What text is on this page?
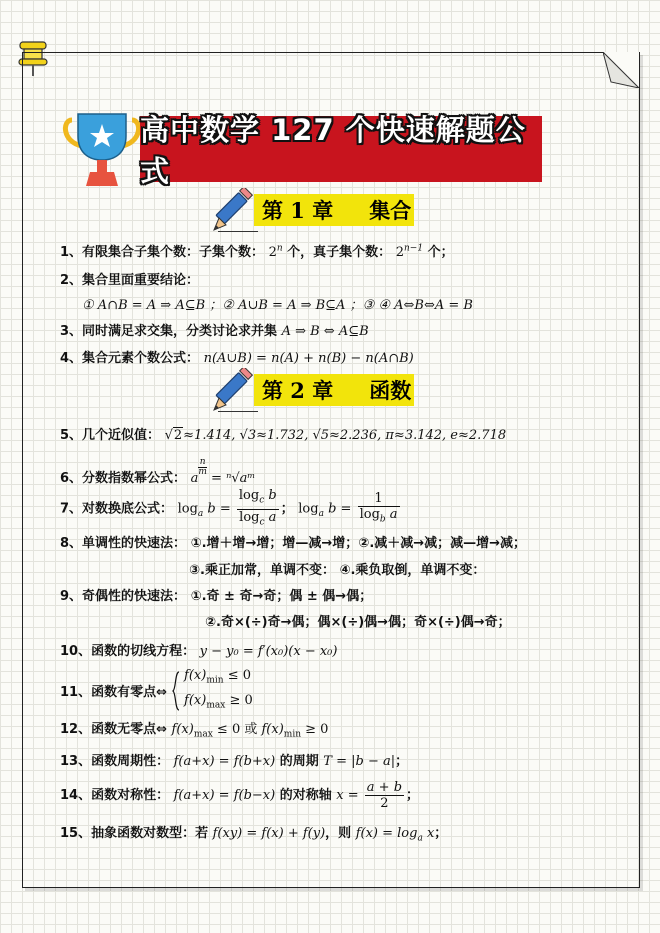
高中数学 127 个快速解题公式
第 1 章 集合
1、有限集合子集个数：子集个数： 2$^n$ 个，真子集个数： $2^{n-1}$ 个；
2、集合里面重要结论：
① A∩B = A ⇒ A⊆B ；② A∪B = A ⇒ B⊆A ；③ ④ A⇔B⇔A = B
3、同时满足求交集，分类讨论求并集 A ⇒ B ⇔ A⊆B
4、集合元素个数公式： n(A∪B) = n(A) + n(B) − n(A∩B)
第 2 章 函数
5、几个近似值： √2≈1.414, √3≈1.732, √5≈2.236, π≈3.142, e≈2.718
6、分数指数幂公式： a
$^{\frac{n}{m}}$
= ⁿ√aᵐ
7、对数换底公式： $\log_a b = \frac{\log_c b}{\log_c a}$ ； $\log_a b = \frac{1}{\log_b a}$
8、单调性的快速法： ①.增＋增→增；增—减→增；②.减＋减→减；减—增→减；
③.乘正加常，单调不变： ④.乘负取倒，单调不变：
9、奇偶性的快速法： ①.奇 ± 奇→奇；偶 ± 偶→偶；
②.奇×(÷)奇→偶；偶×(÷)偶→偶；奇×(÷)偶→奇；
10、函数的切线方程： y − y₀ = f′(x₀)(x − x₀)
11、函数有零点⇔
$f(x)_{min} \le 0$
$f(x)_{max} \ge 0$
12、函数无零点⇔ $f(x)_{max} \le 0$ 或 $f(x)_{min} \ge 0$
13、函数周期性： f(a+x) = f(b+x) 的周期 T = |b − a|；
14、函数对称性： f(a+x) = f(b−x) 的对称轴 $x = \frac{a + b}{2}$ ；
15、抽象函数对数型：若 f(xy) = f(x) + f(y)，则 $f(x) = \log_a x$；
